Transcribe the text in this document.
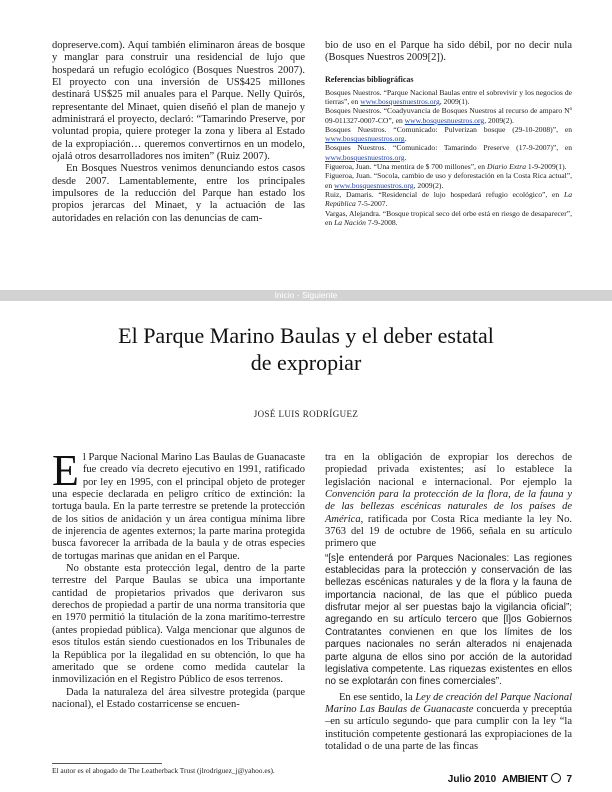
dopreserve.com). Aquí también eliminaron áreas de bosque y manglar para construir una residencial de lujo que hospedará un refugio ecológico (Bosques Nuestros 2007). El proyecto con una inversión de US$425 millones destinará US$25 mil anuales para el Parque. Nelly Quirós, representante del Minaet, quien diseñó el plan de manejo y administrará el proyecto, declaró: “Tamarindo Preserve, por voluntad propia, quiere proteger la zona y libera al Estado de la expropiación… queremos convertirnos en un modelo, ojalá otros desarrolladores nos imiten” (Ruiz 2007).

En Bosques Nuestros venimos denunciando estos casos desde 2007. Lamentablemente, entre los principales impulsores de la reducción del Parque han estado los propios jerarcas del Minaet, y la actuación de las autoridades en relación con las denuncias de cam-

bio de uso en el Parque ha sido débil, por no decir nula (Bosques Nuestros 2009[2]).

Referencias bibliográficas

Bosques Nuestros. “Parque Nacional Baulas entre el sobrevivir y los negocios de tierras”, en www.bosquesnuestros.org, 2009(1).

Bosques Nuestros. “Coadyuvancia de Bosques Nuestros al recurso de amparo Nº 09-011327-0007-CO”, en www.bosquesnuestros.org, 2009(2).

Bosques Nuestros. “Comunicado: Pulverizan bosque (29-10-2008)”, en www.bosquesnuestros.org.

Bosques Nuestros. “Comunicado: Tamarindo Preserve (17-9-2007)”, en www.bosquesnuestros.org.

Figueroa, Juan. “Una mentira de $ 700 millones”, en Diario Extra 1-9-2009(1).

Figueroa, Juan. “Socola, cambio de uso y deforestación en la Costa Rica actual”, en www.bosquesnuestros.org, 2009(2).

Ruiz, Damaris. “Residencial de lujo hospedará refugio ecológico”, en La República 7-5-2007.

Vargas, Alejandra. “Bosque tropical seco del orbe está en riesgo de desaparecer”, en La Nación 7-9-2008.

Inicio - Siguiente
El Parque Marino Baulas y el deber estatal
de expropiar
JOSÉ LUIS RODRÍGUEZ

El Parque Nacional Marino Las Baulas de Guanacaste fue creado vía decreto ejecutivo en 1991, ratificado por ley en 1995, con el principal objeto de proteger una especie declarada en peligro crítico de extinción: la tortuga baula. En la parte terrestre se pretende la protección de los sitios de anidación y un área contigua mínima libre de injerencia de agentes externos; la parte marina protegida busca favorecer la arribada de la baula y de otras especies de tortugas marinas que anidan en el Parque.

No obstante esta protección legal, dentro de la parte terrestre del Parque Baulas se ubica una importante cantidad de propietarios privados que derivaron sus derechos de propiedad a partir de una norma transitoria que en 1970 permitió la titulación de la zona marítimo-terrestre (antes propiedad pública). Valga mencionar que algunos de esos títulos están siendo cuestionados en los Tribunales de la República por la ilegalidad en su obtención, lo que ha ameritado que se ordene como medida cautelar la inmovilización en el Registro Público de esos terrenos.

Dada la naturaleza del área silvestre protegida (parque nacional), el Estado costarricense se encuen-

tra en la obligación de expropiar los derechos de propiedad privada existentes; así lo establece la legislación nacional e internacional. Por ejemplo la Convención para la protección de la flora, de la fauna y de las bellezas escénicas naturales de los países de América, ratificada por Costa Rica mediante la ley No. 3763 del 19 de octubre de 1966, señala en su artículo primero que

“[s]e entenderá por Parques Nacionales: Las regiones establecidas para la protección y conservación de las bellezas escénicas naturales y de la flora y la fauna de importancia nacional, de las que el público pueda disfrutar mejor al ser puestas bajo la vigilancia oficial”; agregando en su artículo tercero que [l]os Gobiernos Contratantes convienen en que los límites de los parques nacionales no serán alterados ni enajenada parte alguna de ellos sino por acción de la autoridad legislativa competente. Las riquezas existentes en ellos no se explotarán con fines comerciales”.

En ese sentido, la Ley de creación del Parque Nacional Marino Las Baulas de Guanacaste concuerda y preceptúa –en su artículo segundo- que para cumplir con la ley “la institución competente gestionará las expropiaciones de la totalidad o de una parte de las fincas

El autor es el abogado de The Leatherback Trust (jlrodriguez_j@yahoo.es).
Julio 2010 AMBIENT 7
